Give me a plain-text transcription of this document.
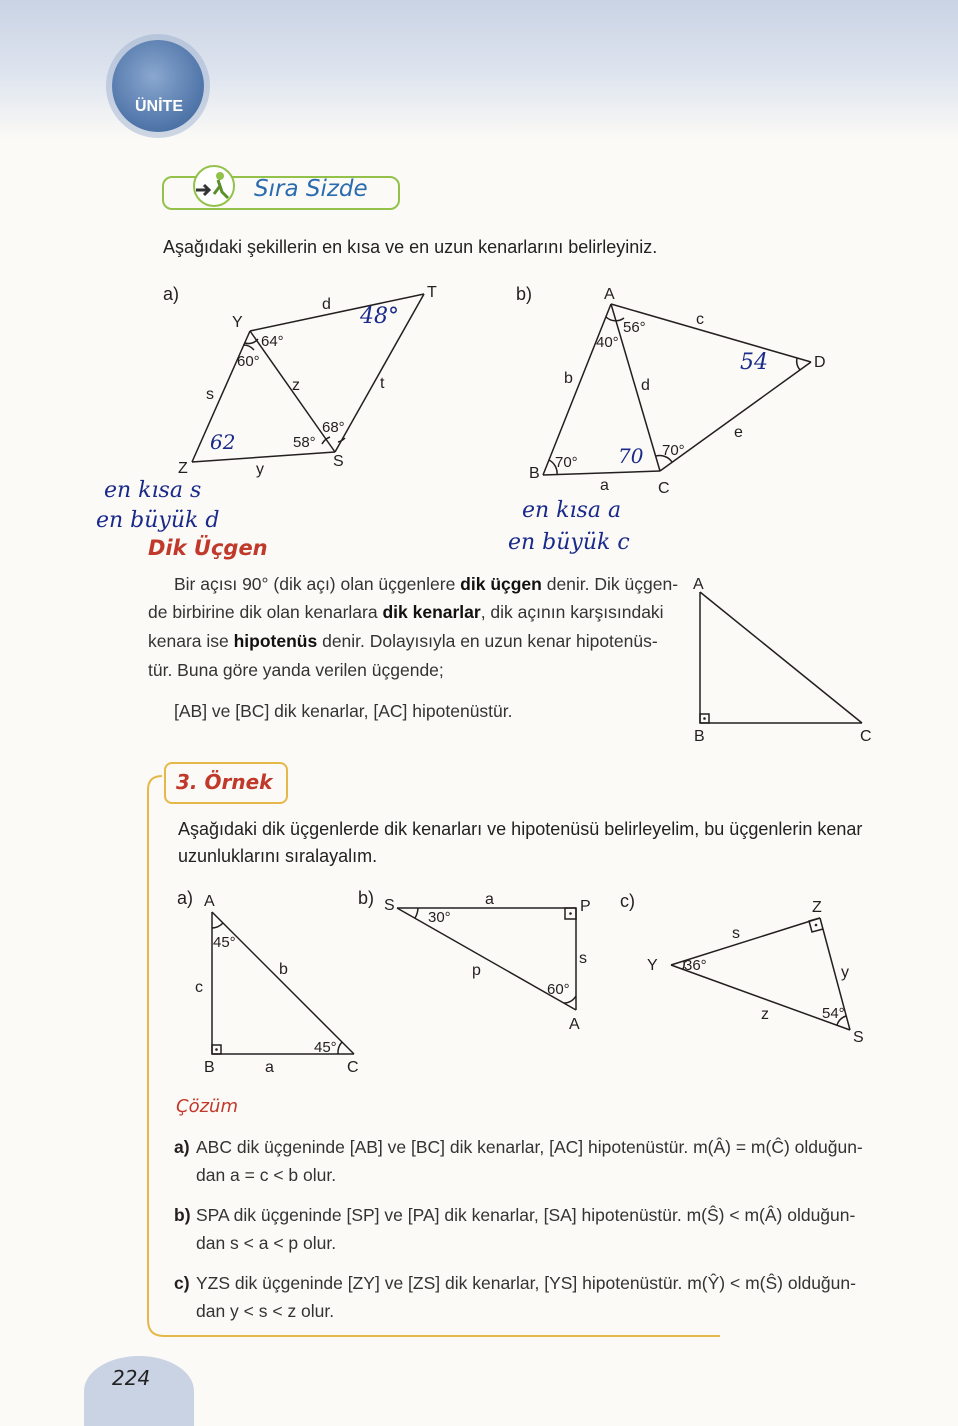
ÜNİTE
Sıra Sizde
Aşağıdaki şekillerin en kısa ve en uzun kenarlarını belirleyiniz.
a)
Y
T
Z	S
d
s
z	t
y
64°
60°
68°
58°
48°
62
en kısa s
en büyük d
b)	A
B
C
D
c
b	d
e
a
56°
40°
70°
70°
54
70
en kısa a
en büyük c
Dik Üçgen
Bir açısı 90° (dik açı) olan üçgenlere dik üçgen denir. Dik üçgen-
de birbirine dik olan kenarlara dik kenarlar, dik açının karşısındaki
kenara ise hipotenüs denir. Dolayısıyla en uzun kenar hipotenüs-
tür. Buna göre yanda verilen üçgende;
[AB] ve [BC] dik kenarlar, [AC] hipotenüstür.
A
B	C
3. Örnek
Aşağıdaki dik üçgenlerde dik kenarları ve hipotenüsü belirleyelim, bu üçgenlerin kenar
uzunluklarını sıralayalım.
a)	b)	c)
A
B	C
c
b
a
45°
45°
S	P
A
a
s
p
30°
60°
Y
Z
S
s
y
z
36°
54°
Çözüm
a) ABC dik üçgeninde [AB] ve [BC] dik kenarlar, [AC] hipotenüstür. m(Â) = m(Ĉ) olduğun-
dan a = c < b olur.
b) SPA dik üçgeninde [SP] ve [PA] dik kenarlar, [SA] hipotenüstür. m(Ŝ) < m(Â) olduğun-
dan s < a < p olur.
c) YZS dik üçgeninde [ZY] ve [ZS] dik kenarlar, [YS] hipotenüstür. m(Ŷ) < m(Ŝ) olduğun-
dan y < s < z olur.
224
